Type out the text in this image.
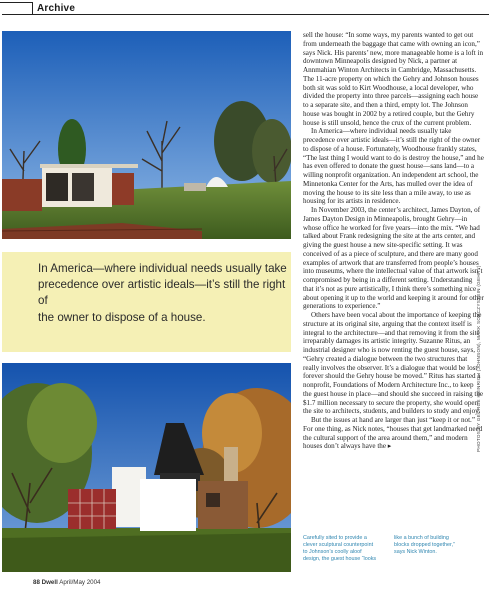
Archive
In America—where individual needs usually take
precedence over artistic ideals—it’s still the right of
the owner to dispose of a house.

sell the house: “In some ways, my parents wanted to get out from underneath the baggage that came with owning an icon,” says Nick. His parents’ new, more manageable home is a loft in downtown Minneapolis designed by Nick, a partner at Annmahian Winton Architects in Cambridge, Massachusetts. The 11-acre property on which the Gehry and Johnson houses both sit was sold to Kirt Woodhouse, a local developer, who divided the property into three parcels—assigning each house to a separate site, and then a third, empty lot. The Johnson house was bought in 2002 by a retired couple, but the Gehry house is still unsold, hence the crux of the current problem.

In America—where individual needs usually take precedence over artistic ideals—it’s still the right of the owner to dispose of a house. Fortunately, Woodhouse frankly states, “The last thing I would want to do is destroy the house,” and he has even offered to donate the guest house—sans land—to a willing nonprofit organization. An independent art school, the Minnetonka Center for the Arts, has mulled over the idea of moving the house to its site less than a mile away, to use as housing for its artists in residence.

In November 2003, the center’s architect, James Dayton, of James Dayton Design in Minneapolis, brought Gehry—in whose office he worked for five years—into the mix. “We had talked about Frank redesigning the site at the arts center, and giving the guest house a new site-specific setting. It was conceived of as a piece of sculpture, and there are many good examples of artwork that are transferred from people’s houses into museums, where the intellectual value of that artwork isn’t compromised by being in a different setting. Understanding that it’s not as pure artistically, I think there’s something nice about opening it up to the world and keeping it around for other generations to experience.”

Others have been vocal about the importance of keeping the structure at its original site, arguing that the context itself is integral to the architecture—and that removing it from the site irreparably damages its artistic integrity. Suzanne Ritus, an industrial designer who is now renting the guest house, says, “Gehry created a dialogue between the two structures that really involves the observer. It’s a dialogue that would be lost forever should the Gehry house be moved.” Ritus has started a nonprofit, Foundations of Modern Architecture Inc., to keep the guest house in place—and should she succeed in raising the $1.7 million necessary to secure the property, she would open the site to architects, students, and builders to study and enjoy.

But the issues at hand are larger than just “keep it or not.” For one thing, as Nick notes, “houses that get landmarked need the cultural support of the area around them,” and modern houses don’t always have the ▸

Carefully sited to provide a
clever sculptural counterpoint
to Johnson’s coolly aloof
design, the guest house “looks
like a bunch of building
blocks dropped together,”
says Nick Winton.
PHOTOS BY GEORGE HEINRICH (JOHNSON), MARK SOBCZYSTEIN (GEHRY)
88 Dwell April/May 2004
